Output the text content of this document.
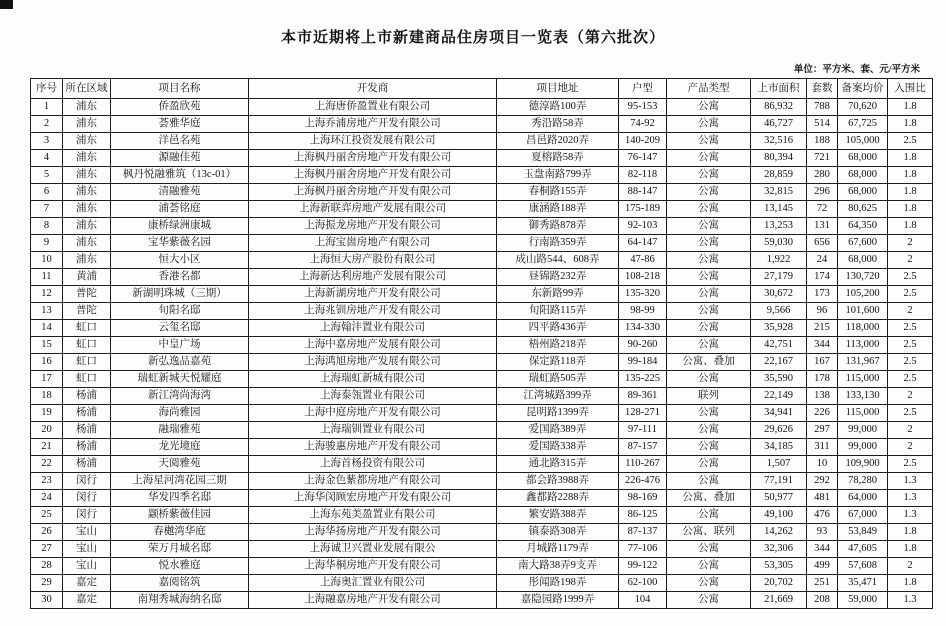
本市近期将上市新建商品住房项目一览表（第六批次）
单位：平方米、套、元/平方米
序号	所在区域	项目名称	开发商	项目地址	户型	产品类型	上市面积	套数	备案均价	入围比
1	浦东	侨盈欣苑	上海唐侨盈置业有限公司	德淳路100弄	95-153	公寓	86,932	788	70,620	1.8
2	浦东	荟雅华庭	上海乔浦房地产开发有限公司	秀沿路58弄	74-92	公寓	46,727	514	67,725	1.8
3	浦东	洋邑名苑	上海环江投资发展有限公司	昌邑路2020弄	140-209	公寓	32,516	188	105,000	2.5
4	浦东	源融佳苑	上海枫丹丽舍房地产开发有限公司	夏榕路58弄	76-147	公寓	80,394	721	68,000	1.8
5	浦东	枫丹悦融雅筑（13c-01）	上海枫丹丽舍房地产开发有限公司	玉盘南路799弄	82-118	公寓	28,859	280	68,000	1.8
6	浦东	清融雅苑	上海枫丹丽舍房地产开发有限公司	春桐路155弄	88-147	公寓	32,815	296	68,000	1.8
7	浦东	浦荟铭庭	上海新联弈房地产发展有限公司	康涵路188弄	175-189	公寓	13,145	72	80,625	1.8
8	浦东	康桥绿洲康城	上海振龙房地产开发有限公司	御秀路878弄	92-103	公寓	13,253	131	64,350	1.8
9	浦东	宝华紫薇名园	上海宝崮房地产有限公司	行南路359弄	64-147	公寓	59,030	656	67,600	2
10	浦东	恒大小区	上海恒大房产股份有限公司	成山路544、608弄	47-86	公寓	1,922	24	68,000	2
11	黄浦	香港名都	上海新达利房地产发展有限公司	昼锦路232弄	108-218	公寓	27,179	174	130,720	2.5
12	普陀	新湖明珠城（三期）	上海新湖房地产开发有限公司	东新路99弄	135-320	公寓	30,672	173	105,200	2.5
13	普陀	旬阳名邸	上海兆钏房地产开发有限公司	旬阳路115弄	98-99	公寓	9,566	96	101,600	2
14	虹口	云玺名邸	上海翰沣置业有限公司	四平路436弄	134-330	公寓	35,928	215	118,000	2.5
15	虹口	中皇广场	上海中嘉房地产发展有限公司	梧州路218弄	90-260	公寓	42,751	344	113,000	2.5
16	虹口	新弘逸品嘉苑	上海鸿旭房地产发展有限公司	保定路118弄	99-184	公寓、叠加	22,167	167	131,967	2.5
17	虹口	瑞虹新城天悦耀庭	上海瑞虹新城有限公司	瑞虹路505弄	135-225	公寓	35,590	178	115,000	2.5
18	杨浦	新江湾尚海湾	上海泰瓴置业有限公司	江湾城路399弄	89-361	联列	22,149	138	133,130	2
19	杨浦	海尚雅园	上海中庭房地产开发有限公司	昆明路1399弄	128-271	公寓	34,941	226	115,000	2.5
20	杨浦	融瑞雅苑	上海瑞钏置业有限公司	爱国路389弄	97-111	公寓	29,626	297	99,000	2
21	杨浦	龙光境庭	上海骏惠房地产开发有限公司	爱国路338弄	87-157	公寓	34,185	311	99,000	2
22	杨浦	天阅雅苑	上海首杨投资有限公司	通北路315弄	110-267	公寓	1,507	10	109,900	2.5
23	闵行	上海星河湾花园三期	上海金色紫都房地产有限公司	都会路3988弄	226-476	公寓	77,191	292	78,280	1.3
24	闵行	华发四季名邸	上海华闵顾宏房地产开发有限公司	鑫都路2288弄	98-169	公寓、叠加	50,977	481	64,000	1.3
25	闵行	颛桥紫薇佳园	上海东苑美盈置业有限公司	繁安路388弄	86-125	公寓	49,100	476	67,000	1.3
26	宝山	春樾湾华庭	上海华扬房地产开发有限公司	镇泰路308弄	87-137	公寓、联列	14,262	93	53,849	1.8
27	宝山	荣万月城名邸	上海诚卫兴置业发展有限公	月城路1179弄	77-106	公寓	32,306	344	47,605	1.8
28	宝山	悦水雅庭	上海华桐房地产开发有限公司	南大路38弄9支弄	99-122	公寓	53,305	499	57,608	2
29	嘉定	嘉阅铭筑	上海奥汇置业有限公司	彤闻路198弄	62-100	公寓	20,702	251	35,471	1.8
30	嘉定	南翔秀城海纳名邸	上海融嘉房地产开发有限公司	嘉隐园路1999弄	104	公寓	21,669	208	59,000	1.3
